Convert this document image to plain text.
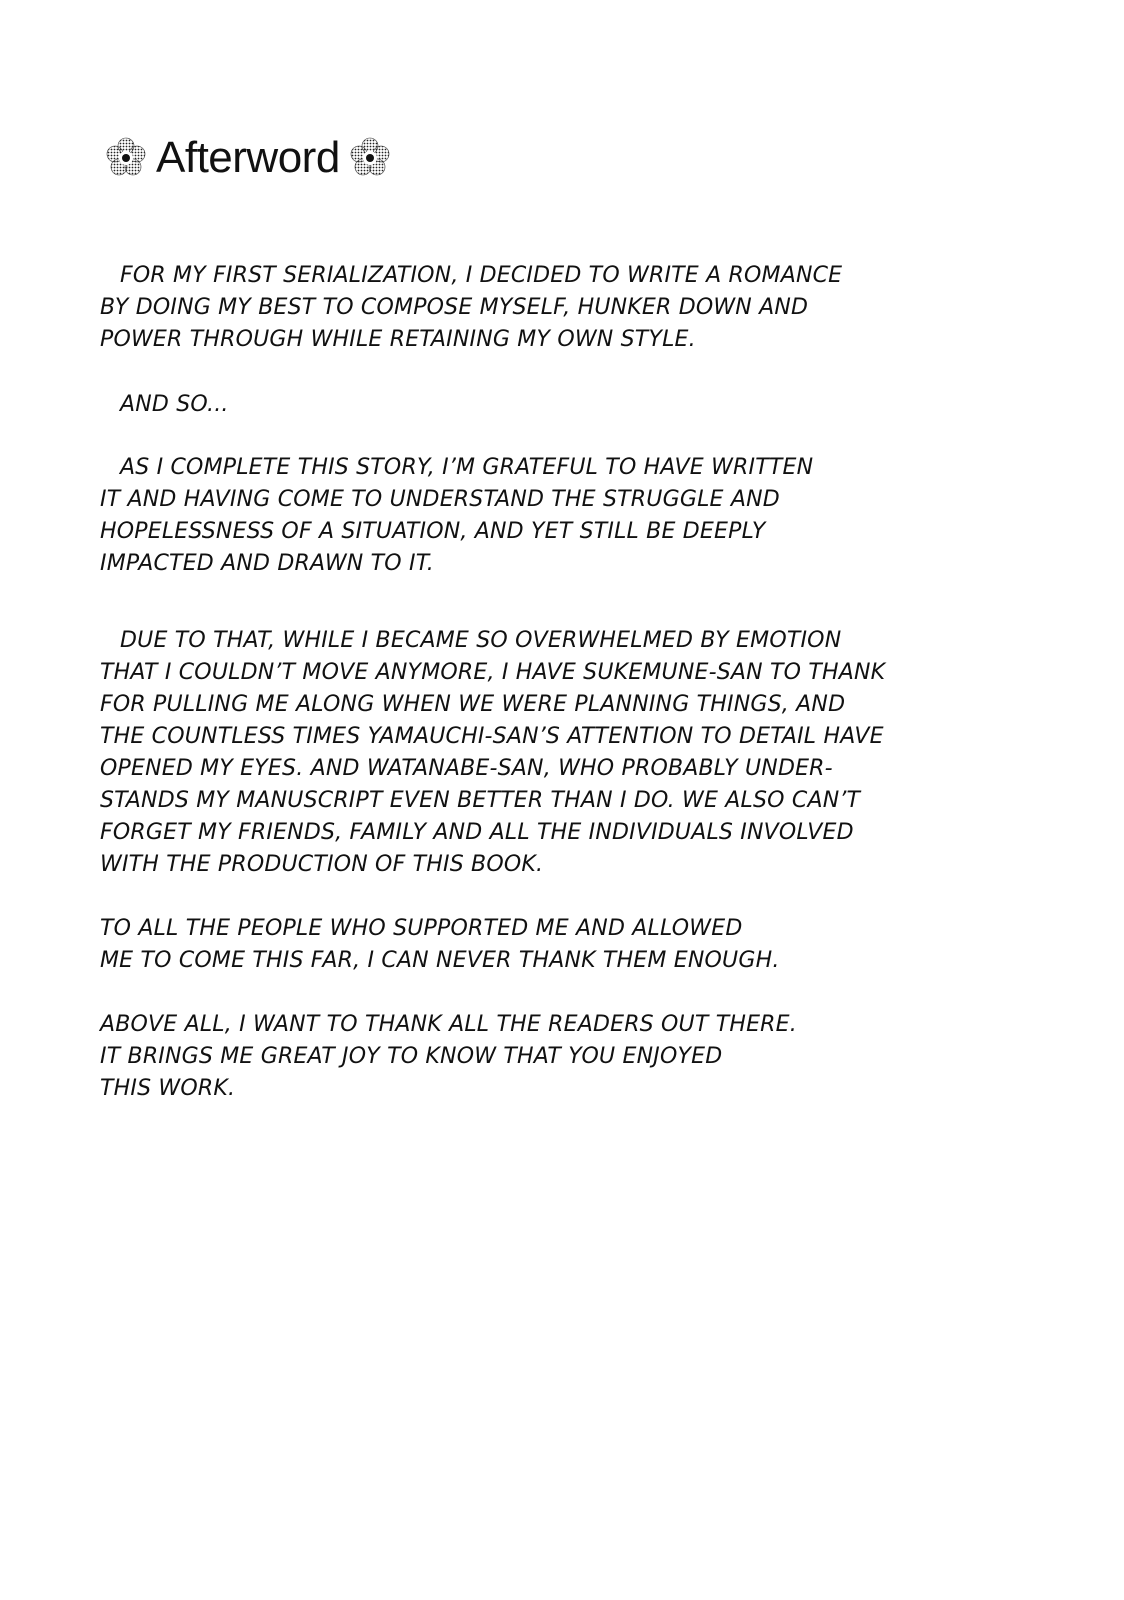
Afterword
FOR MY FIRST SERIALIZATION, I DECIDED TO WRITE A ROMANCE
BY DOING MY BEST TO COMPOSE MYSELF, HUNKER DOWN AND
POWER THROUGH WHILE RETAINING MY OWN STYLE.
AND SO...
AS I COMPLETE THIS STORY, I’M GRATEFUL TO HAVE WRITTEN
IT AND HAVING COME TO UNDERSTAND THE STRUGGLE AND
HOPELESSNESS OF A SITUATION, AND YET STILL BE DEEPLY
IMPACTED AND DRAWN TO IT.
DUE TO THAT, WHILE I BECAME SO OVERWHELMED BY EMOTION
THAT I COULDN’T MOVE ANYMORE, I HAVE SUKEMUNE-SAN TO THANK
FOR PULLING ME ALONG WHEN WE WERE PLANNING THINGS, AND
THE COUNTLESS TIMES YAMAUCHI-SAN’S ATTENTION TO DETAIL HAVE
OPENED MY EYES. AND WATANABE-SAN, WHO PROBABLY UNDER-
STANDS MY MANUSCRIPT EVEN BETTER THAN I DO. WE ALSO CAN’T
FORGET MY FRIENDS, FAMILY AND ALL THE INDIVIDUALS INVOLVED
WITH THE PRODUCTION OF THIS BOOK.
TO ALL THE PEOPLE WHO SUPPORTED ME AND ALLOWED
ME TO COME THIS FAR, I CAN NEVER THANK THEM ENOUGH.
ABOVE ALL, I WANT TO THANK ALL THE READERS OUT THERE.
IT BRINGS ME GREAT JOY TO KNOW THAT YOU ENJOYED
THIS WORK.
